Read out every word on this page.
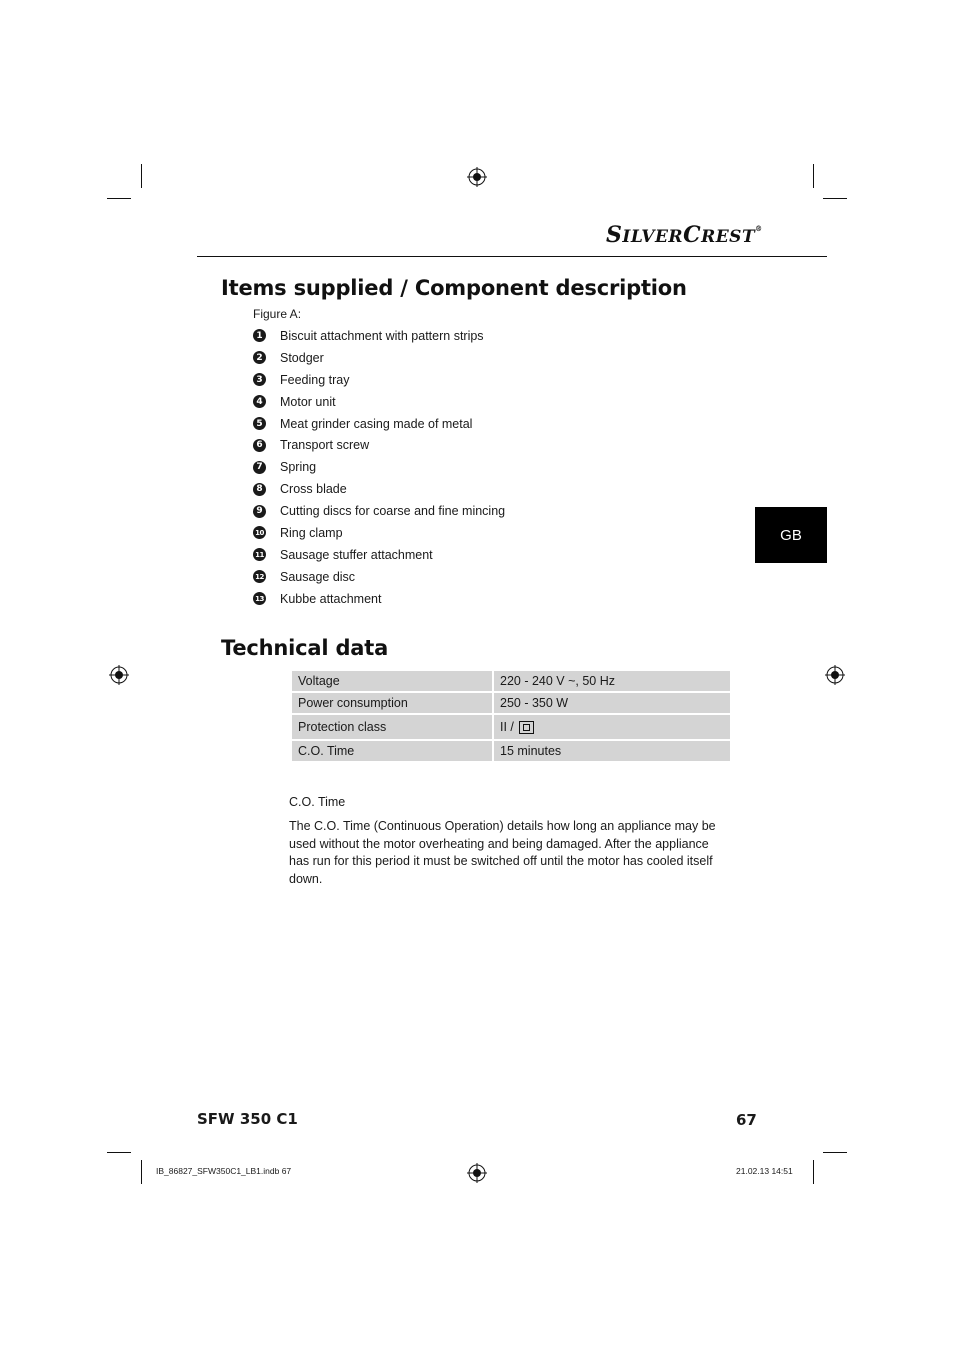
SILVERCREST®
Items supplied / Component description
Figure A:
1 Biscuit attachment with pattern strips
2 Stodger
3 Feeding tray
4 Motor unit
5 Meat grinder casing made of metal
6 Transport screw
7 Spring
8 Cross blade
9 Cutting discs for coarse and fine mincing
10 Ring clamp
11 Sausage stuffer attachment
12 Sausage disc
13 Kubbe attachment
GB
Technical data
Voltage	220 - 240 V ~, 50 Hz
Power consumption	250 - 350 W
Protection class	II /
C.O. Time	15 minutes
C.O. Time
The C.O. Time (Continuous Operation) details how long an appliance may be used without the motor overheating and being damaged. After the appliance has run for this period it must be switched off until the motor has cooled itself down.
SFW 350 C1	67
IB_86827_SFW350C1_LB1.indb 67	21.02.13 14:51
